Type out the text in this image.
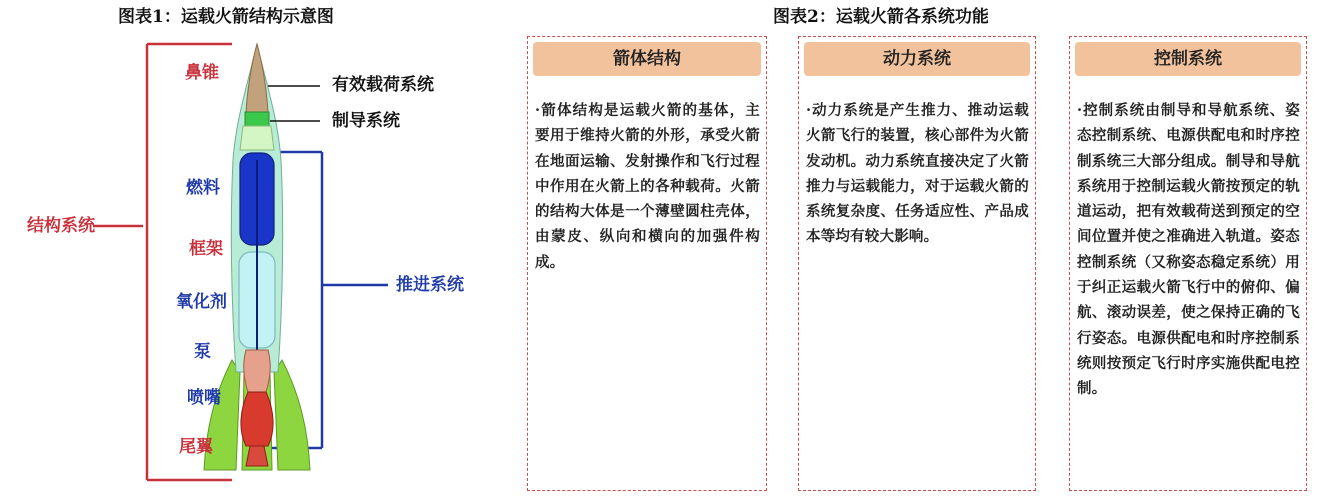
图表1：运载火箭结构示意图
鼻锥
有效载荷系统
制导系统
燃料
结构系统
框架
推进系统
氧化剂
泵
喷嘴
尾翼
图表2：运载火箭各系统功能
箭体结构
·箭体结构是运载火箭的基体，主要用于维持火箭的外形，承受火箭在地面运输、发射操作和飞行过程中作用在火箭上的各种载荷。火箭的结构大体是一个薄壁圆柱壳体，由蒙皮、纵向和横向的加强件构成。
动力系统
·动力系统是产生推力、推动运载火箭飞行的装置，核心部件为火箭发动机。动力系统直接决定了火箭推力与运载能力，对于运载火箭的系统复杂度、任务适应性、产品成本等均有较大影响。
控制系统
·控制系统由制导和导航系统、姿态控制系统、电源供配电和时序控制系统三大部分组成。制导和导航系统用于控制运载火箭按预定的轨道运动，把有效载荷送到预定的空间位置并使之准确进入轨道。姿态控制系统（又称姿态稳定系统）用于纠正运载火箭飞行中的俯仰、偏航、滚动误差，使之保持正确的飞行姿态。电源供配电和时序控制系统则按预定飞行时序实施供配电控制。
